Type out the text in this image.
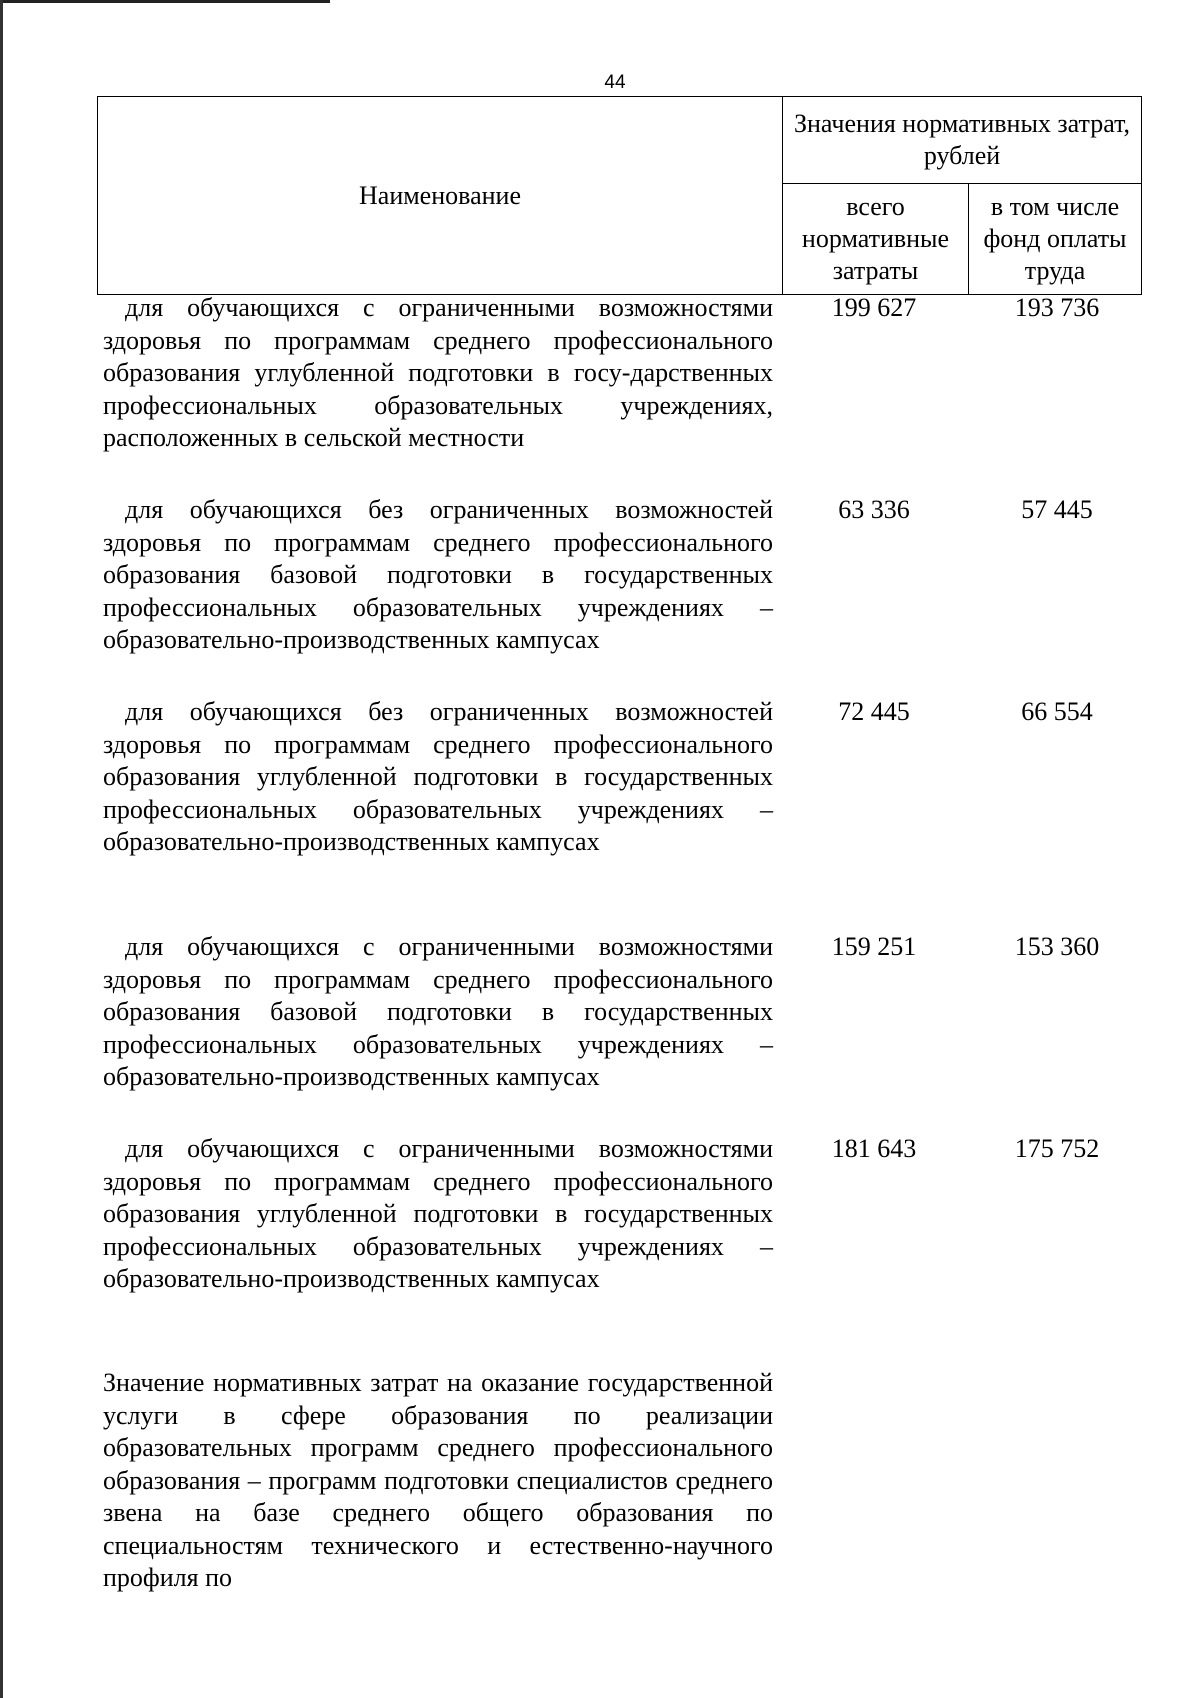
44
Наименование	Значения нормативных затрат, рублей	
	всего нормативные затраты	в том числе фонд оплаты труда
для обучающихся с ограниченными возможностями здоровья по программам среднего профессионального образования углубленной подготовки в госу-дарственных профессиональных образовательных учреждениях, расположенных в сельской местности
199 627	193 736
для обучающихся без ограниченных возможностей здоровья по программам среднего профессионального образования базовой подготовки в государственных профессиональных образовательных учреждениях – образовательно-производственных кампусах
63 336	57 445
для обучающихся без ограниченных возможностей здоровья по программам среднего профессионального образования углубленной подготовки в государственных профессиональных образовательных учреждениях – образовательно-производственных кампусах
72 445	66 554
для обучающихся с ограниченными возможностями здоровья по программам среднего профессионального образования базовой подготовки в государственных профессиональных образовательных учреждениях – образовательно-производственных кампусах
159 251	153 360
для обучающихся с ограниченными возможностями здоровья по программам среднего профессионального образования углубленной подготовки в государственных профессиональных образовательных учреждениях – образовательно-производственных кампусах
181 643	175 752
Значение нормативных затрат на оказание государственной услуги в сфере образования по реализации образовательных программ среднего профессионального образования – программ подготовки специалистов среднего звена на базе среднего общего образования по специальностям технического и естественно-научного профиля по
